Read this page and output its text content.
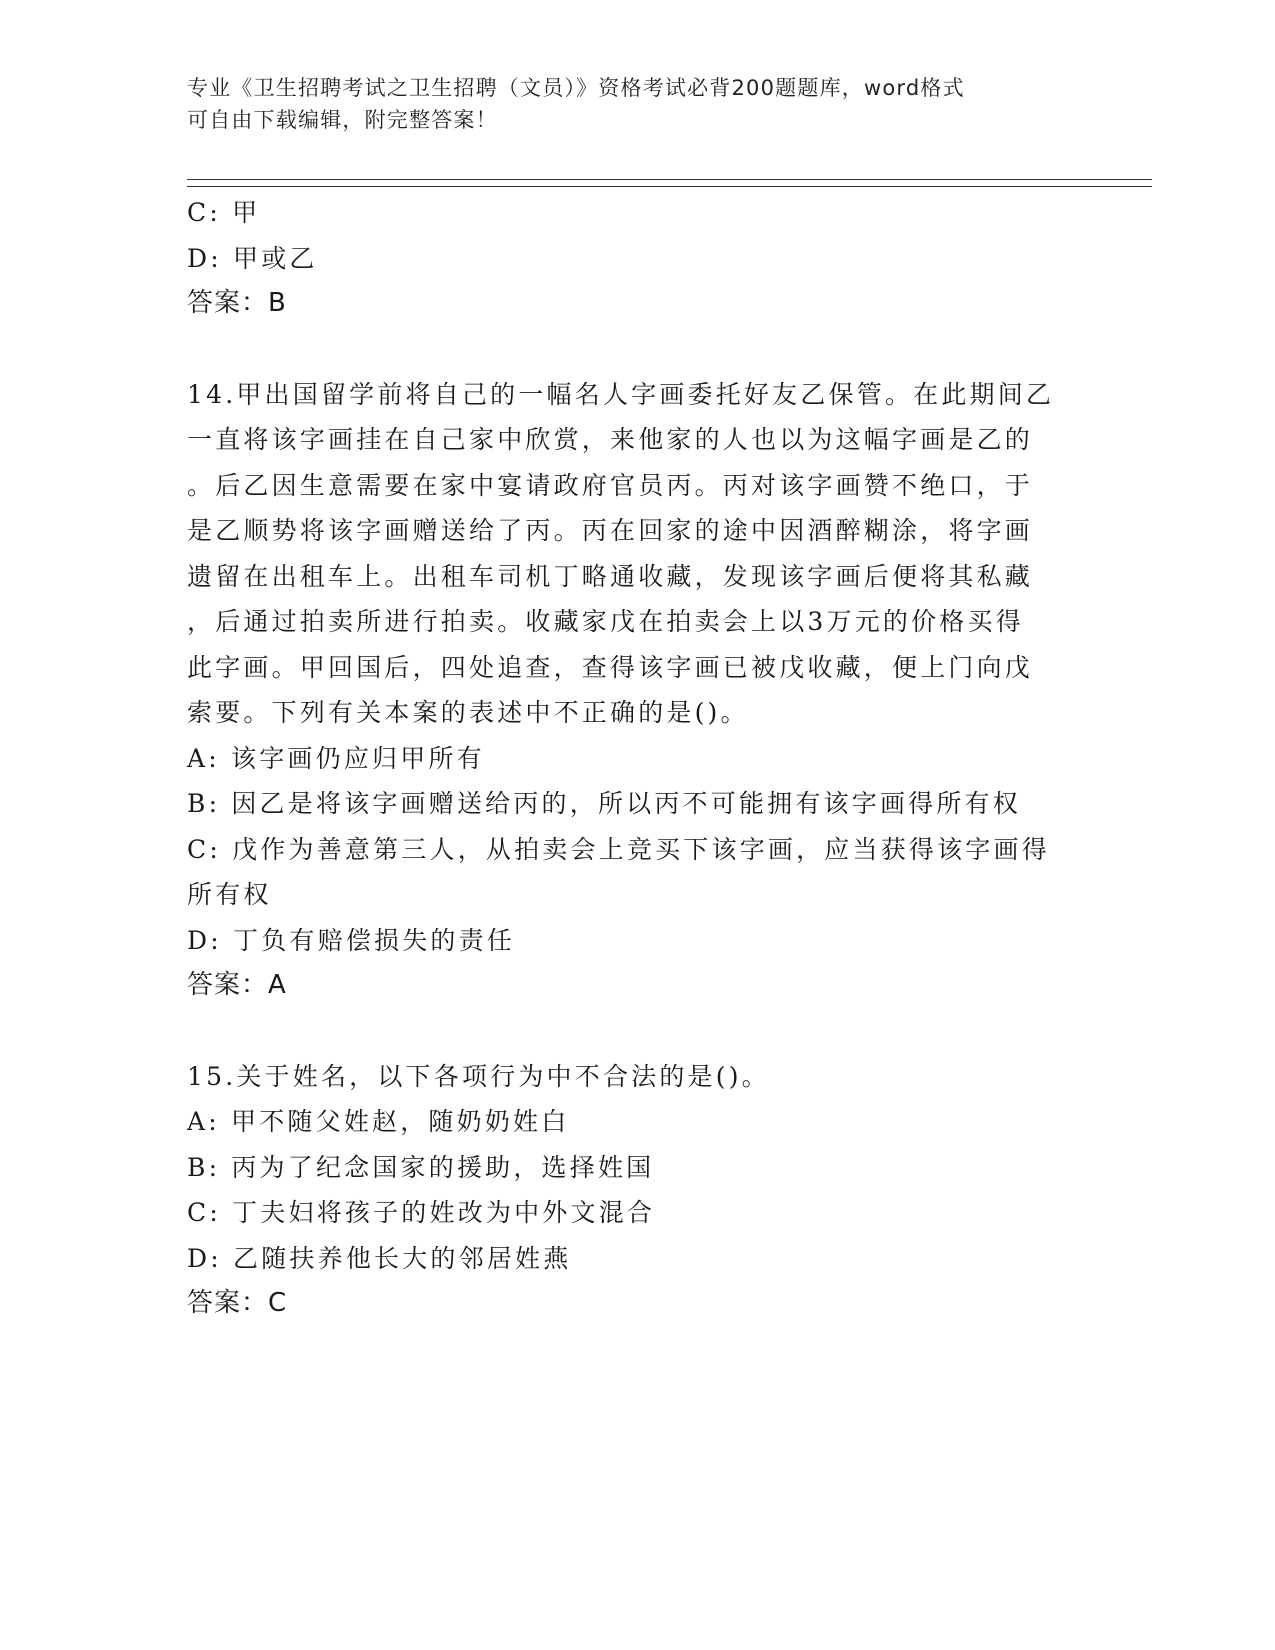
专业《卫生招聘考试之卫生招聘（文员）》资格考试必背200题题库，word格式
可自由下载编辑，附完整答案！
C: 甲
D: 甲或乙
答案：B
14.甲出国留学前将自己的一幅名人字画委托好友乙保管。在此期间乙
一直将该字画挂在自己家中欣赏，来他家的人也以为这幅字画是乙的
。后乙因生意需要在家中宴请政府官员丙。丙对该字画赞不绝口，于
是乙顺势将该字画赠送给了丙。丙在回家的途中因酒醉糊涂，将字画
遗留在出租车上。出租车司机丁略通收藏，发现该字画后便将其私藏
，后通过拍卖所进行拍卖。收藏家戊在拍卖会上以3万元的价格买得
此字画。甲回国后，四处追查，查得该字画已被戊收藏，便上门向戊
索要。下列有关本案的表述中不正确的是()。
A: 该字画仍应归甲所有
B: 因乙是将该字画赠送给丙的，所以丙不可能拥有该字画得所有权
C: 戊作为善意第三人，从拍卖会上竞买下该字画，应当获得该字画得
所有权
D: 丁负有赔偿损失的责任
答案：A
15.关于姓名，以下各项行为中不合法的是()。
A: 甲不随父姓赵，随奶奶姓白
B: 丙为了纪念国家的援助，选择姓国
C: 丁夫妇将孩子的姓改为中外文混合
D: 乙随扶养他长大的邻居姓燕
答案：C
